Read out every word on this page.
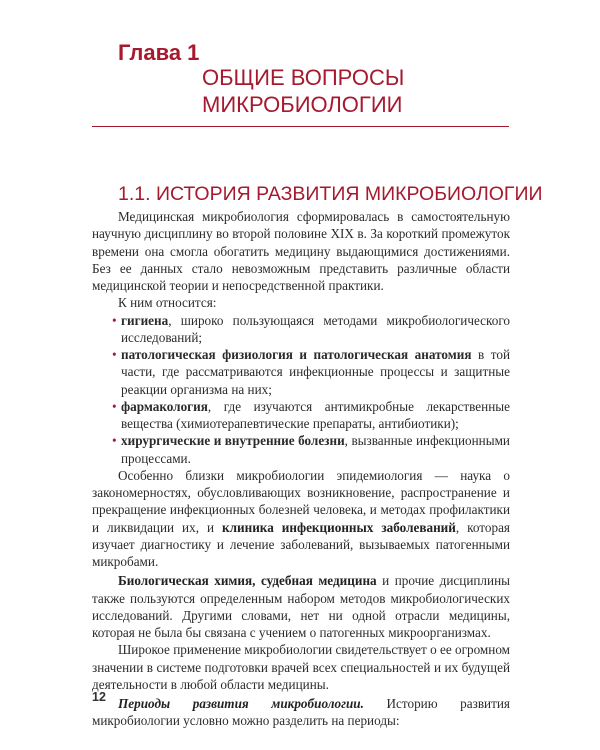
Глава 1
ОБЩИЕ ВОПРОСЫ
МИКРОБИОЛОГИИ
1.1. ИСТОРИЯ РАЗВИТИЯ МИКРОБИОЛОГИИ

Медицинская микробиология сформировалась в самостоятельную научную дисциплину во второй половине XIX в. За короткий промежуток времени она смогла обогатить медицину выдающимися достижениями. Без ее данных стало невозможным представить различные области медицинской теории и непосредственной практики.

К ним относится:

• гигиена, широко пользующаяся методами микробиологического исследований;
• патологическая физиология и патологическая анатомия в той части, где рассматриваются инфекционные процессы и защитные реакции организма на них;
• фармакология, где изучаются антимикробные лекарственные вещества (химиотерапевтические препараты, антибиотики);
• хирургические и внутренние болезни, вызванные инфекционными процессами.

Особенно близки микробиологии эпидемиология — наука о закономерностях, обусловливающих возникновение, распространение и прекращение инфекционных болезней человека, и методах профилактики и ликвидации их, и клиника инфекционных заболеваний, которая изучает диагностику и лечение заболеваний, вызываемых патогенными микробами.

Биологическая химия, судебная медицина и прочие дисциплины также пользуются определенным набором методов микробиологических исследований. Другими словами, нет ни одной отрасли медицины, которая не была бы связана с учением о патогенных микроорганизмах.

Широкое применение микробиологии свидетельствует о ее огромном значении в системе подготовки врачей всех специальностей и их будущей деятельности в любой области медицины.

Периоды развития микробиологии. Историю развития микробиологии условно можно разделить на периоды:

12
